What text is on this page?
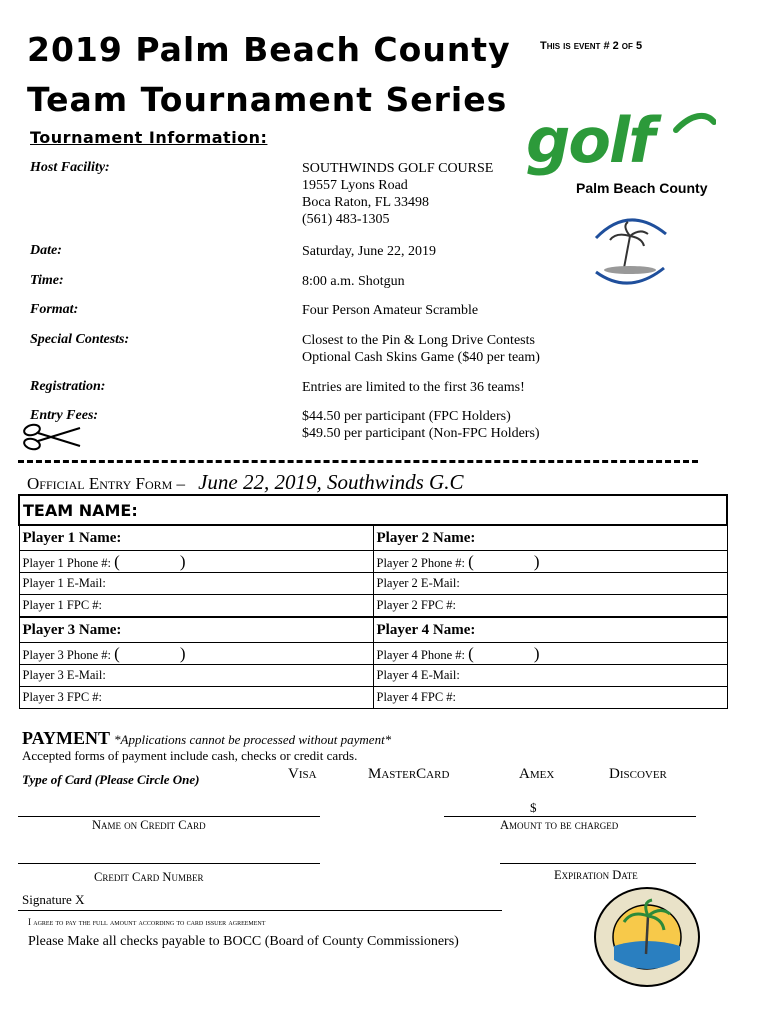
2019 Palm Beach County
Team Tournament Series
This is event # 2 of 5
Tournament Information:	golf
Palm Beach County
Host Facility:	SOUTHWINDS GOLF COURSE
19557 Lyons Road
Boca Raton, FL 33498
(561) 483-1305
Date:	Saturday, June 22, 2019
Time:	8:00 a.m. Shotgun
Format:	Four Person Amateur Scramble
Special Contests:	Closest to the Pin & Long Drive Contests
Optional Cash Skins Game ($40 per team)
Registration:	Entries are limited to the first 36 teams!
Entry Fees:	$44.50 per participant (FPC Holders)
$49.50 per participant (Non-FPC Holders)
Official Entry Form – June 22, 2019, Southwinds G.C
TEAM NAME:	
Player 1 Name:	Player 2 Name:
Player 1 Phone #: ( )	Player 2 Phone #: ( )
Player 1 E-Mail:	Player 2 E-Mail:
Player 1 FPC #:	Player 2 FPC #:
Player 3 Name:	Player 4 Name:
Player 3 Phone #: ( )	Player 4 Phone #: ( )
Player 3 E-Mail:	Player 4 E-Mail:
Player 3 FPC #:	Player 4 FPC #:
PAYMENT *Applications cannot be processed without payment*
Accepted forms of payment include cash, checks or credit cards.
Type of Card (Please Circle One)	Visa	MasterCard	Amex	Discover
Name on Credit Card
$
Amount to be charged
Credit Card Number	Expiration Date
Signature X
I agree to pay the full amount according to card issuer agreement
Please Make all checks payable to BOCC (Board of County Commissioners)
